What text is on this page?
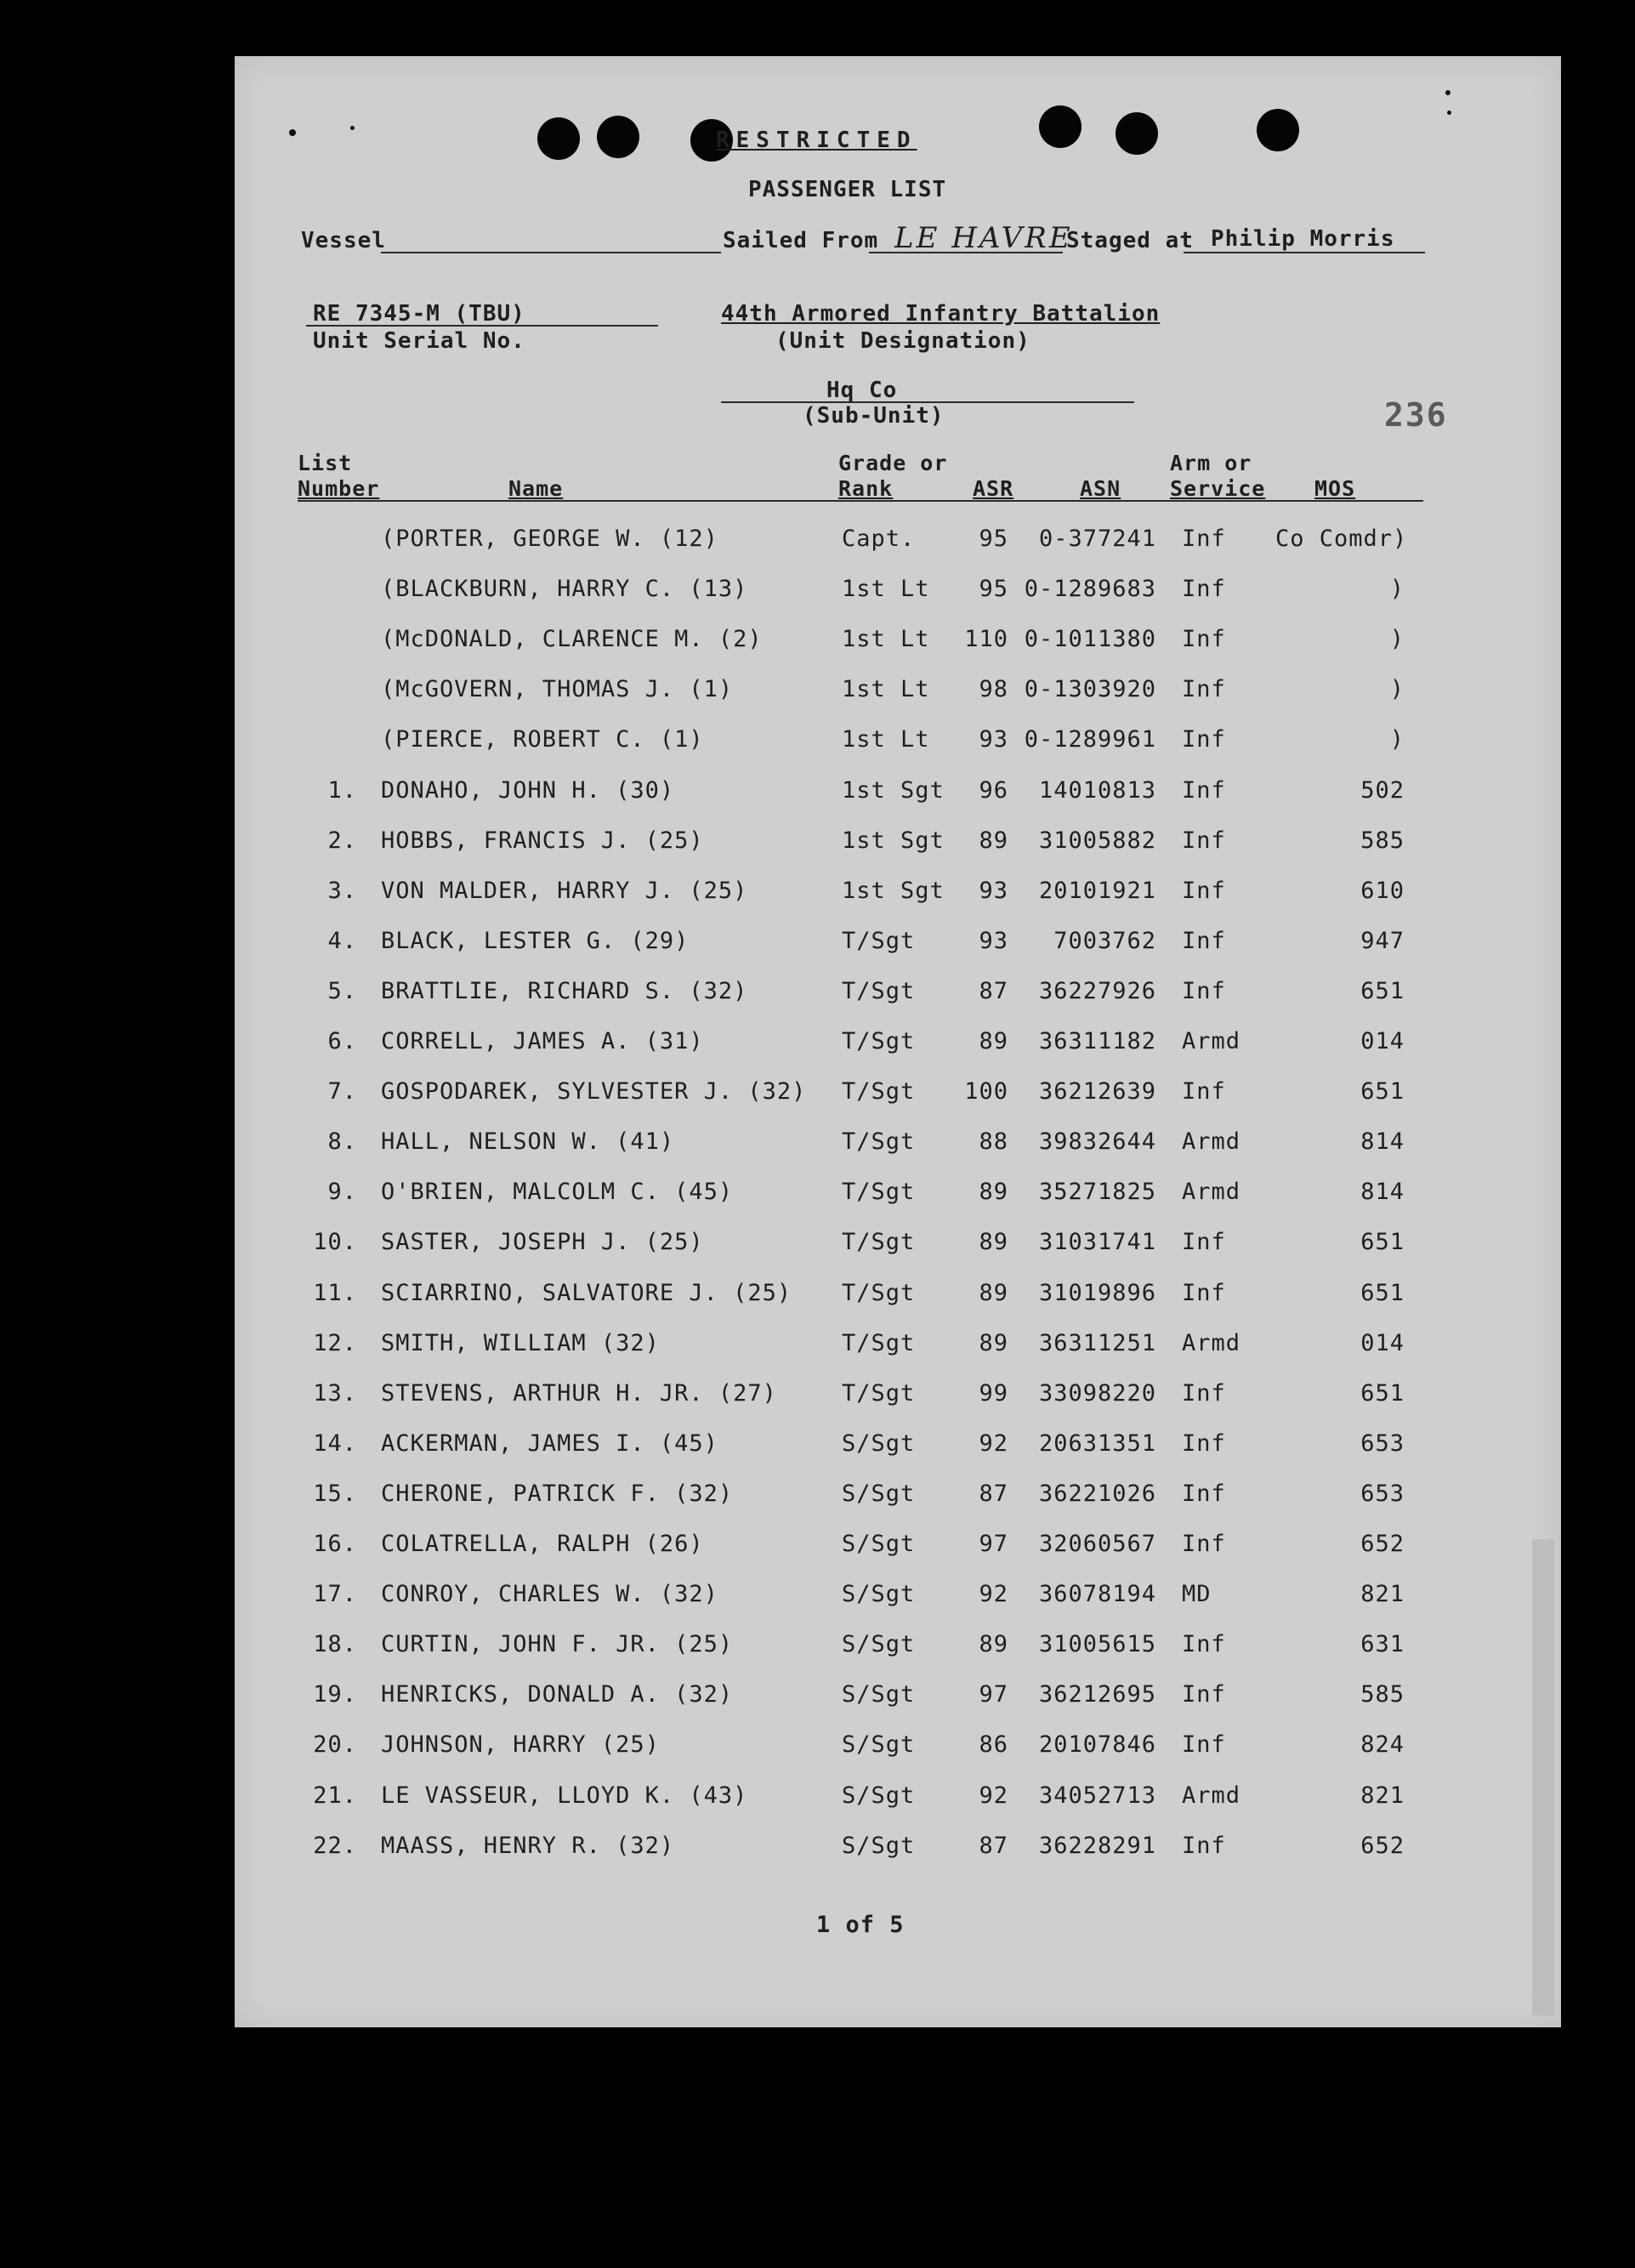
RESTRICTED
PASSENGER LIST
Vessel	Sailed From LE HAVRE
Staged at Philip Morris
RE 7345-M (TBU)
Unit Serial No.
44th Armored Infantry Battalion
(Unit Designation)
Hq Co
(Sub-Unit)	236
List
Number	Name
Grade or
Rank	ASR	ASN
Arm or
Service MOS
(PORTER, GEORGE W. (12)	Capt.	95	0-377241 Inf Co Comdr)
(BLACKBURN, HARRY C. (13)	1st Lt	95 0-1289683 Inf	)
(McDONALD, CLARENCE M. (2)	1st Lt	110 0-1011380 Inf	)
(McGOVERN, THOMAS J. (1)	1st Lt	98 0-1303920 Inf	)
(PIERCE, ROBERT C. (1)	1st Lt	93 0-1289961 Inf	)
1. DONAHO, JOHN H. (30)	1st Sgt	96	14010813 Inf	502
2. HOBBS, FRANCIS J. (25)	1st Sgt	89	31005882 Inf	585
3. VON MALDER, HARRY J. (25)	1st Sgt	93	20101921 Inf	610
4. BLACK, LESTER G. (29)	T/Sgt	93	7003762 Inf	947
5. BRATTLIE, RICHARD S. (32)	T/Sgt	87	36227926 Inf	651
6. CORRELL, JAMES A. (31)	T/Sgt	89	36311182 Armd	014
7. GOSPODAREK, SYLVESTER J. (32) T/Sgt	100	36212639 Inf	651
8. HALL, NELSON W. (41)	T/Sgt	88	39832644 Armd	814
9. O'BRIEN, MALCOLM C. (45)	T/Sgt	89	35271825 Armd	814
10. SASTER, JOSEPH J. (25)	T/Sgt	89	31031741 Inf	651
11. SCIARRINO, SALVATORE J. (25) T/Sgt	89	31019896 Inf	651
12. SMITH, WILLIAM (32)	T/Sgt	89	36311251 Armd	014
13. STEVENS, ARTHUR H. JR. (27)	T/Sgt	99	33098220 Inf	651
14. ACKERMAN, JAMES I. (45)	S/Sgt	92	20631351 Inf	653
15. CHERONE, PATRICK F. (32)	S/Sgt	87	36221026 Inf	653
16. COLATRELLA, RALPH (26)	S/Sgt	97	32060567 Inf	652
17. CONROY, CHARLES W. (32)	S/Sgt	92	36078194 MD	821
18. CURTIN, JOHN F. JR. (25)	S/Sgt	89	31005615 Inf	631
19. HENRICKS, DONALD A. (32)	S/Sgt	97	36212695 Inf	585
20. JOHNSON, HARRY (25)	S/Sgt	86	20107846 Inf	824
21. LE VASSEUR, LLOYD K. (43)	S/Sgt	92	34052713 Armd	821
22. MAASS, HENRY R. (32)	S/Sgt	87	36228291 Inf	652
1 of 5
